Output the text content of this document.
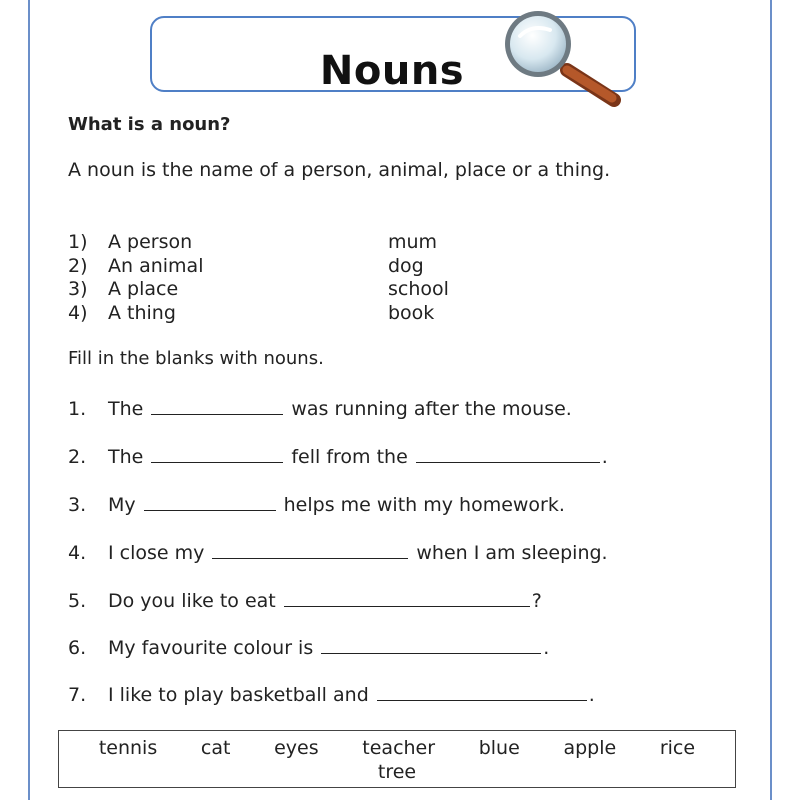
Nouns
What is a noun?
A noun is the name of a person, animal, place or a thing.
1)	A person	mum
2)	An animal	dog
3)	A place	school
4)	A thing	book
Fill in the blanks with nouns.
1. The	was running after the mouse.
2. The	fell from the	.
3. My	helps me with my homework.
4. I close my	when I am sleeping.
5. Do you like to eat	?
6. My favourite colour is	.
7. I like to play basketball and	.
tennis cat eyes teacher blue apple rice
tree
